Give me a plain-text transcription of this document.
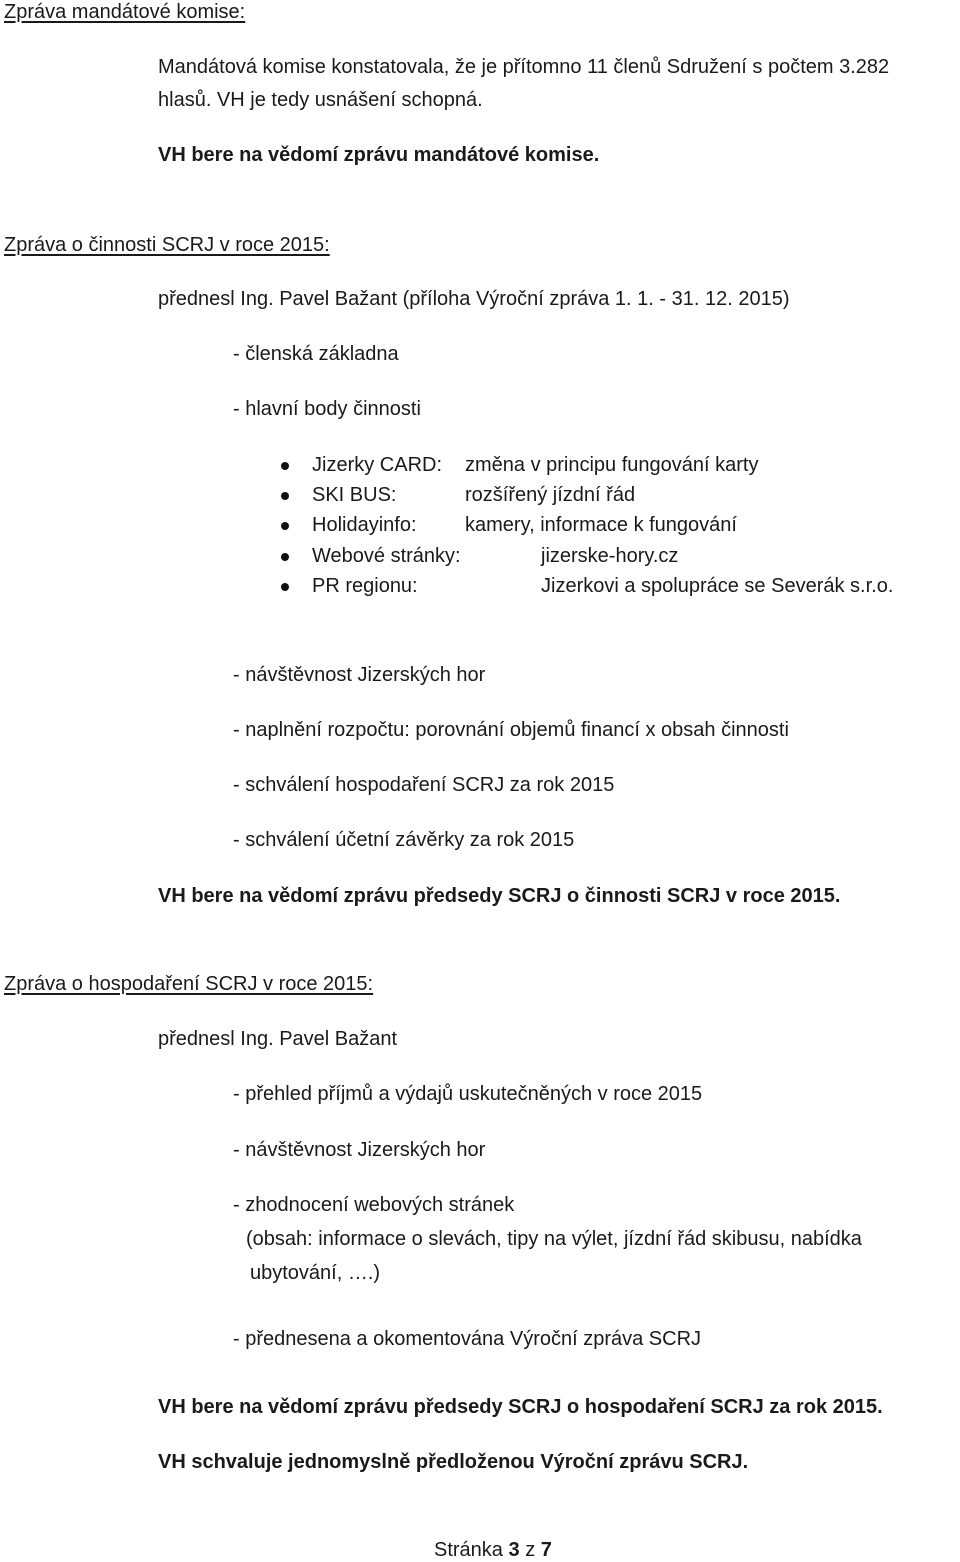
Zpráva mandátové komise:

Mandátová komise konstatovala, že je přítomno 11 členů Sdružení s počtem 3.282

hlasů. VH je tedy usnášení schopná.

VH bere na vědomí zprávu mandátové komise.

Zpráva o činnosti SCRJ v roce 2015:

přednesl Ing. Pavel Bažant (příloha Výroční zpráva 1. 1. - 31. 12. 2015)

- členská základna

- hlavní body činnosti

Jizerky CARD: změna v principu fungování karty

SKI BUS:	rozšířený jízdní řád

Holidayinfo: kamery, informace k fungování

Webové stránky:	jizerske-hory.cz

PR regionu:	Jizerkovi a spolupráce se Severák s.r.o.

- návštěvnost Jizerských hor

- naplnění rozpočtu: porovnání objemů financí x obsah činnosti

- schválení hospodaření SCRJ za rok 2015

- schválení účetní závěrky za rok 2015

VH bere na vědomí zprávu předsedy SCRJ o činnosti SCRJ v roce 2015.

Zpráva o hospodaření SCRJ v roce 2015:

přednesl Ing. Pavel Bažant

- přehled příjmů a výdajů uskutečněných v roce 2015

- návštěvnost Jizerských hor

- zhodnocení webových stránek

(obsah: informace o slevách, tipy na výlet, jízdní řád skibusu, nabídka

ubytování, ….)

- přednesena a okomentována Výroční zpráva SCRJ

VH bere na vědomí zprávu předsedy SCRJ o hospodaření SCRJ za rok 2015.

VH schvaluje jednomyslně předloženou Výroční zprávu SCRJ.

Stránka 3 z 7
